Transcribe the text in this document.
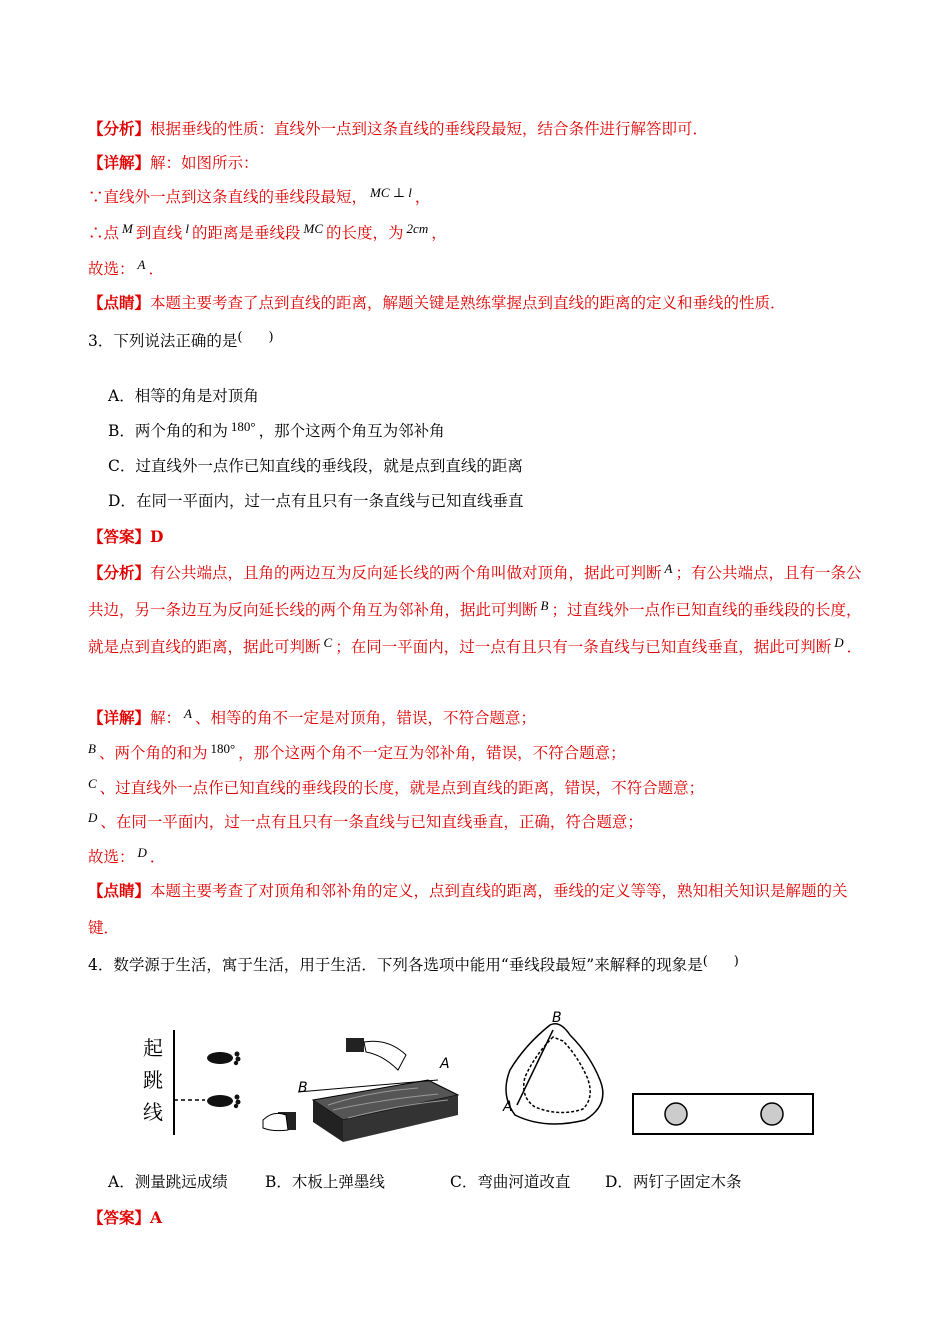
【分析】根据垂线的性质：直线外一点到这条直线的垂线段最短，结合条件进行解答即可．
【详解】解：如图所示：
∵直线外一点到这条直线的垂线段最短， $^{MC \perp l}$ ，
∴点 $^M$ 到直线 $^l$ 的距离是垂线段 $^{MC}$ 的长度，为 $^{2cm}$ ，
故选： $^A$ ．
【点睛】本题主要考查了点到直线的距离，解题关键是熟练掌握点到直线的距离的定义和垂线的性质．
3．下列说法正确的是(　　)
A．相等的角是对顶角
B．两个角的和为 $^{180^\circ}$ ，那个这两个角互为邻补角
C．过直线外一点作已知直线的垂线段，就是点到直线的距离
D．在同一平面内，过一点有且只有一条直线与已知直线垂直
【答案】D
【分析】有公共端点，且角的两边互为反向延长线的两个角叫做对顶角，据此可判断 $^A$ ；有公共端点，且有一条公共边，另一条边互为反向延长线的两个角互为邻补角，据此可判断 $^B$ ；过直线外一点作已知直线的垂线段的长度，就是点到直线的距离，据此可判断 $^C$ ；在同一平面内，过一点有且只有一条直线与已知直线垂直，据此可判断 $^D$ ．
【详解】解： $^A$ 、相等的角不一定是对顶角，错误，不符合题意；
$^B$ 、两个角的和为 $^{180^\circ}$ ，那个这两个角不一定互为邻补角，错误，不符合题意；
$^C$ 、过直线外一点作已知直线的垂线段的长度，就是点到直线的距离，错误，不符合题意；
$^D$ 、在同一平面内，过一点有且只有一条直线与已知直线垂直，正确，符合题意；
故选： $^D$ ．
【点睛】本题主要考查了对顶角和邻补角的定义，点到直线的距离，垂线的定义等等，熟知相关知识是解题的关键．
4．数学源于生活，寓于生活，用于生活．下列各选项中能用“垂线段最短”来解释的现象是(　　)
起
跳
线
B
A
B
A
A．测量跳远成绩 B．木板上弹墨线	C．弯曲河道改直 D．两钉子固定木条
【答案】A
